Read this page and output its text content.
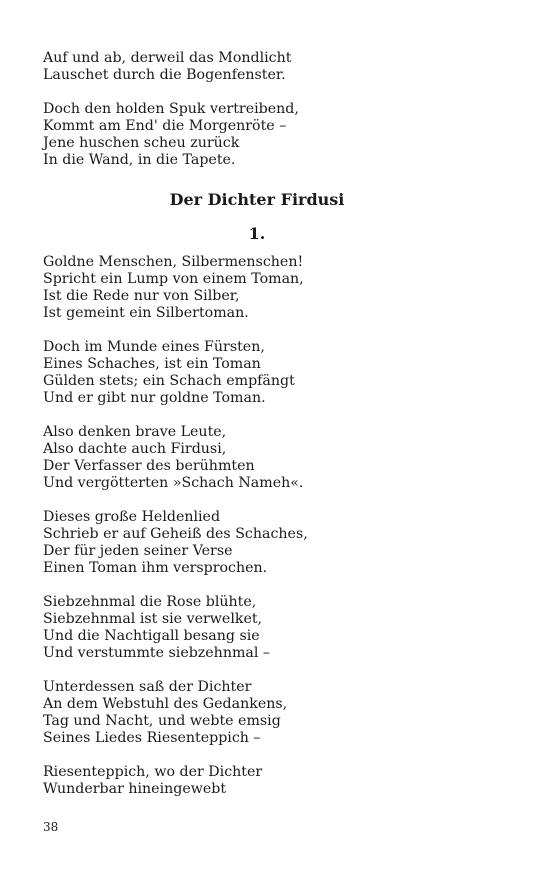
Auf und ab, derweil das Mondlicht
Lauschet durch die Bogenfenster.
Doch den holden Spuk vertreibend,
Kommt am End' die Morgenröte –
Jene huschen scheu zurück
In die Wand, in die Tapete.
Der Dichter Firdusi
1.
Goldne Menschen, Silbermenschen!
Spricht ein Lump von einem Toman,
Ist die Rede nur von Silber,
Ist gemeint ein Silbertoman.
Doch im Munde eines Fürsten,
Eines Schaches, ist ein Toman
Gülden stets; ein Schach empfängt
Und er gibt nur goldne Toman.
Also denken brave Leute,
Also dachte auch Firdusi,
Der Verfasser des berühmten
Und vergötterten »Schach Nameh«.
Dieses große Heldenlied
Schrieb er auf Geheiß des Schaches,
Der für jeden seiner Verse
Einen Toman ihm versprochen.
Siebzehnmal die Rose blühte,
Siebzehnmal ist sie verwelket,
Und die Nachtigall besang sie
Und verstummte siebzehnmal –
Unterdessen saß der Dichter
An dem Webstuhl des Gedankens,
Tag und Nacht, und webte emsig
Seines Liedes Riesenteppich –
Riesenteppich, wo der Dichter
Wunderbar hineingewebt
38
